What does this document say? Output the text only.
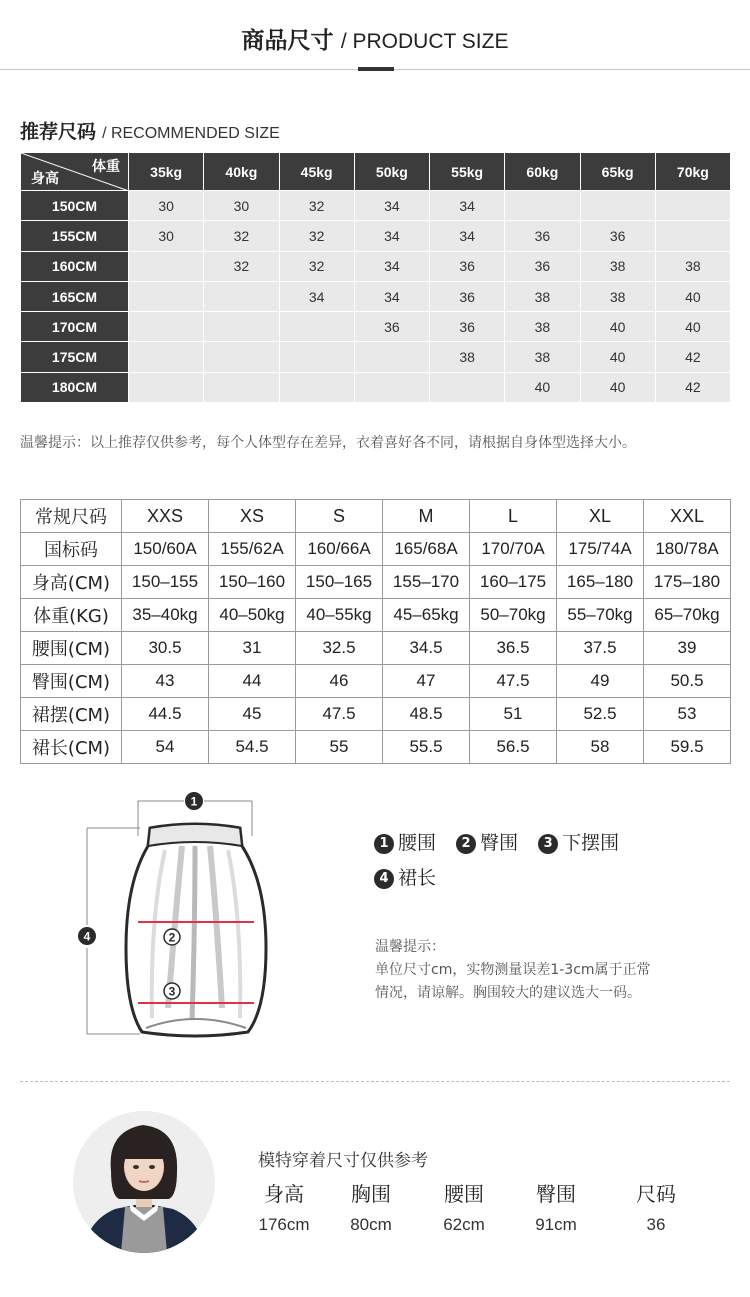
商品尺寸 / PRODUCT SIZE
推荐尺码 / RECOMMENDED SIZE
体重
身高	35kg	40kg	45kg	50kg	55kg	60kg	65kg	70kg
150CM	30	30	32	34	34			
155CM	30	32	32	34	34	36	36	
160CM		32	32	34	36	36	38	38
165CM			34	34	36	38	38	40
170CM				36	36	38	40	40
175CM					38	38	40	42
180CM						40	40	42
温馨提示：以上推荐仅供参考，每个人体型存在差异，衣着喜好各不同，请根据自身体型选择大小。
常规尺码	XXS	XS	S	M	L	XL	XXL
国标码	150/60A	155/62A	160/66A	165/68A	170/70A	175/74A	180/78A
身高(CM)	150–155	150–160	150–165	155–170	160–175	165–180	175–180
体重(KG)	35–40kg	40–50kg	40–55kg	45–65kg	50–70kg	55–70kg	65–70kg
腰围(CM)	30.5	31	32.5	34.5	36.5	37.5	39
臀围(CM)	43	44	46	47	47.5	49	50.5
裙摆(CM)	44.5	45	47.5	48.5	51	52.5	53
裙长(CM)	54	54.5	55	55.5	56.5	58	59.5
1
2
3
4
1 腰围 2 臀围 3 下摆围
4 裙长
温馨提示：
单位尺寸cm，实物测量误差1-3cm属于正常
情况，请谅解。胸围较大的建议选大一码。
模特穿着尺寸仅供参考
身高
176cm
胸围
80cm
腰围
62cm
臀围
91cm
尺码
36
